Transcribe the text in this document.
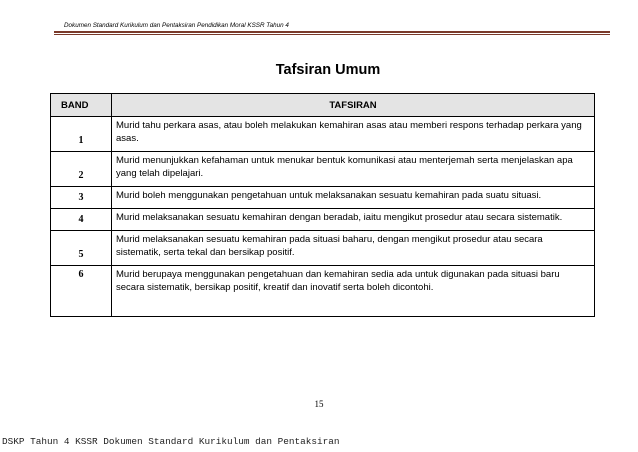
Dokumen Standard Kurikulum dan Pentaksiran Pendidikan Moral KSSR Tahun 4
Tafsiran Umum
BAND	TAFSIRAN
1	Murid tahu perkara asas, atau boleh melakukan kemahiran asas atau memberi respons terhadap perkara yang asas.
2	Murid menunjukkan kefahaman untuk menukar bentuk komunikasi atau menterjemah serta menjelaskan apa yang telah dipelajari.
3	Murid boleh menggunakan pengetahuan untuk melaksanakan sesuatu kemahiran pada suatu situasi.
4	Murid melaksanakan sesuatu kemahiran dengan beradab, iaitu mengikut prosedur atau secara sistematik.
5	Murid melaksanakan sesuatu kemahiran pada situasi baharu, dengan mengikut prosedur atau secara sistematik, serta tekal dan bersikap positif.
6	Murid berupaya menggunakan pengetahuan dan kemahiran sedia ada untuk digunakan pada situasi baru secara sistematik, bersikap positif, kreatif dan inovatif serta boleh dicontohi.
15
DSKP Tahun 4 KSSR Dokumen Standard Kurikulum dan Pentaksiran
